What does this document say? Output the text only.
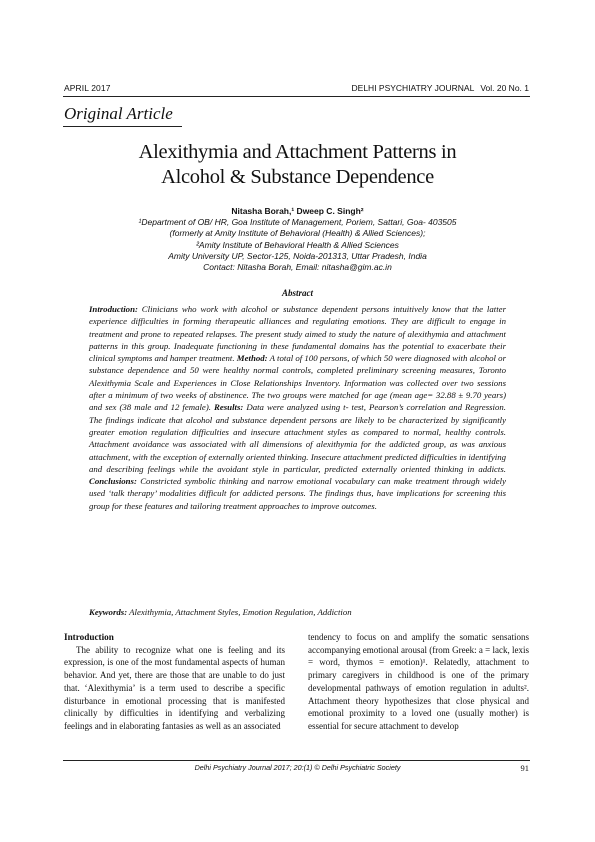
APRIL 2017	DELHI PSYCHIATRY JOURNAL Vol. 20 No. 1
Original Article
Alexithymia and Attachment Patterns in
Alcohol & Substance Dependence
Nitasha Borah,¹ Dweep C. Singh²
¹Department of OB/ HR, Goa Institute of Management, Poriem, Sattari, Goa- 403505
(formerly at Amity Institute of Behavioral (Health) & Allied Sciences);
²Amity Institute of Behavioral Health & Allied Sciences
Amity University UP, Sector-125, Noida-201313, Uttar Pradesh, India
Contact: Nitasha Borah, Email: nitasha@gim.ac.in
Abstract
Introduction: Clinicians who work with alcohol or substance dependent persons intuitively know that the latter experience difficulties in forming therapeutic alliances and regulating emotions. They are difficult to engage in treatment and prone to repeated relapses. The present study aimed to study the nature of alexithymia and attachment patterns in this group. Inadequate functioning in these fundamental domains has the potential to exacerbate their clinical symptoms and hamper treatment. Method: A total of 100 persons, of which 50 were diagnosed with alcohol or substance dependence and 50 were healthy normal controls, completed preliminary screening measures, Toronto Alexithymia Scale and Experiences in Close Relationships Inventory. Information was collected over two sessions after a minimum of two weeks of abstinence. The two groups were matched for age (mean age= 32.88 ± 9.70 years) and sex (38 male and 12 female). Results: Data were analyzed using t- test, Pearson’s correlation and Regression. The findings indicate that alcohol and substance dependent persons are likely to be characterized by significantly greater emotion regulation difficulties and insecure attachment styles as compared to normal, healthy controls. Attachment avoidance was associated with all dimensions of alexithymia for the addicted group, as was anxious attachment, with the exception of externally oriented thinking. Insecure attachment predicted difficulties in identifying and describing feelings while the avoidant style in particular, predicted externally oriented thinking in addicts. Conclusions: Constricted symbolic thinking and narrow emotional vocabulary can make treatment through widely used ‘talk therapy’ modalities difficult for addicted persons. The findings thus, have implications for screening this group for these features and tailoring treatment approaches to improve outcomes.
Keywords: Alexithymia, Attachment Styles, Emotion Regulation, Addiction
Introduction

The ability to recognize what one is feeling and its expression, is one of the most fundamental aspects of human behavior. And yet, there are those that are unable to do just that. ‘Alexithymia’ is a term used to describe a specific disturbance in emotional processing that is manifested clinically by difficulties in identifying and verbalizing feelings and in elaborating fantasies as well as an associated

tendency to focus on and amplify the somatic sensations accompanying emotional arousal (from Greek: a = lack, lexis = word, thymos = emotion)¹. Relatedly, attachment to primary caregivers in childhood is one of the primary developmental pathways of emotion regulation in adults². Attachment theory hypothesizes that close physical and emotional proximity to a loved one (usually mother) is essential for secure attachment to develop

Delhi Psychiatry Journal 2017; 20:(1) © Delhi Psychiatric Society	91
